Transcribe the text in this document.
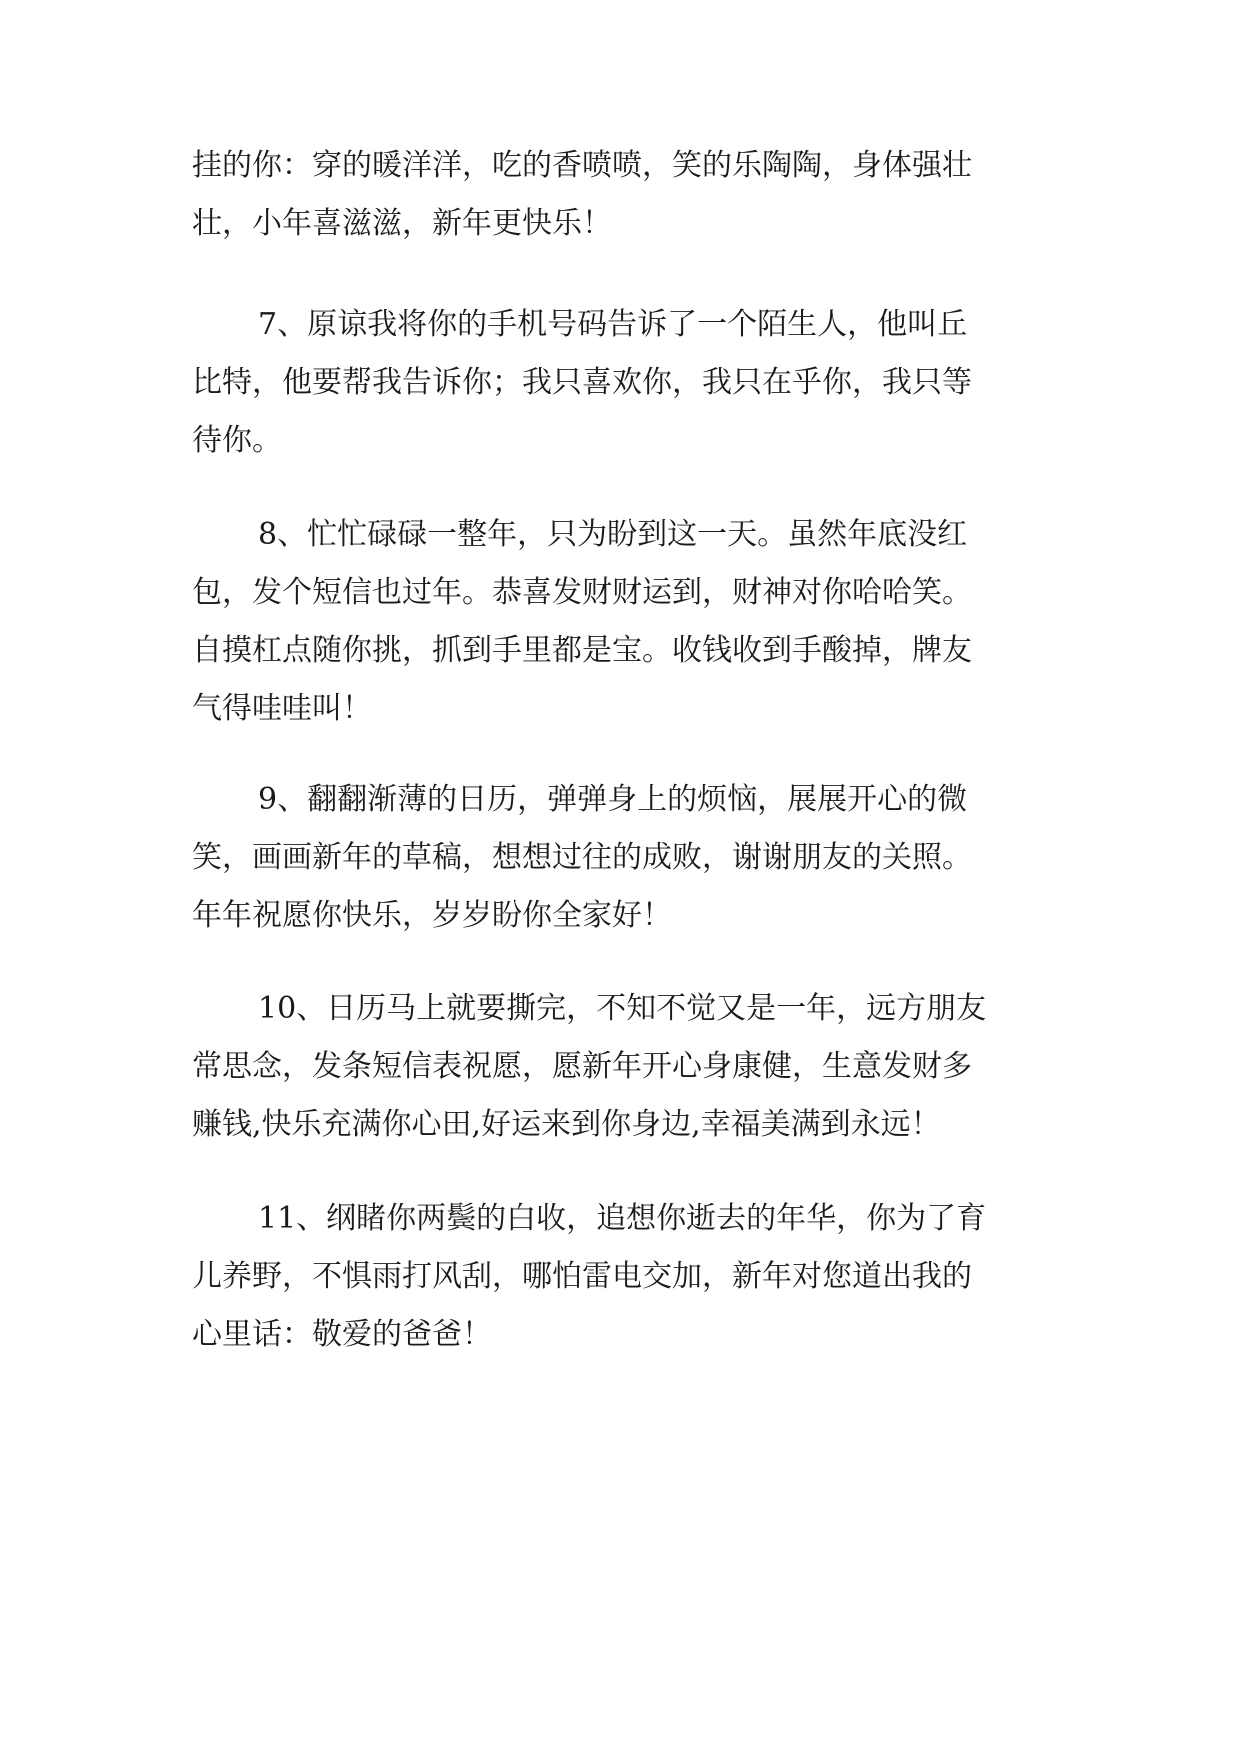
挂的你：穿的暖洋洋，吃的香喷喷，笑的乐陶陶，身体强壮
壮，小年喜滋滋，新年更快乐！
7、原谅我将你的手机号码告诉了一个陌生人，他叫丘
比特，他要帮我告诉你；我只喜欢你，我只在乎你，我只等
待你。
8、忙忙碌碌一整年，只为盼到这一天。虽然年底没红
包，发个短信也过年。恭喜发财财运到，财神对你哈哈笑。
自摸杠点随你挑，抓到手里都是宝。收钱收到手酸掉，牌友
气得哇哇叫！
9、翻翻渐薄的日历，弹弹身上的烦恼，展展开心的微
笑，画画新年的草稿，想想过往的成败，谢谢朋友的关照。
年年祝愿你快乐，岁岁盼你全家好！
10、日历马上就要撕完，不知不觉又是一年，远方朋友
常思念，发条短信表祝愿，愿新年开心身康健，生意发财多
赚钱,快乐充满你心田,好运来到你身边,幸福美满到永远！
11、纲睹你两鬓的白收，追想你逝去的年华，你为了育
儿养野，不惧雨打风刮，哪怕雷电交加，新年对您道出我的
心里话：敬爱的爸爸！
